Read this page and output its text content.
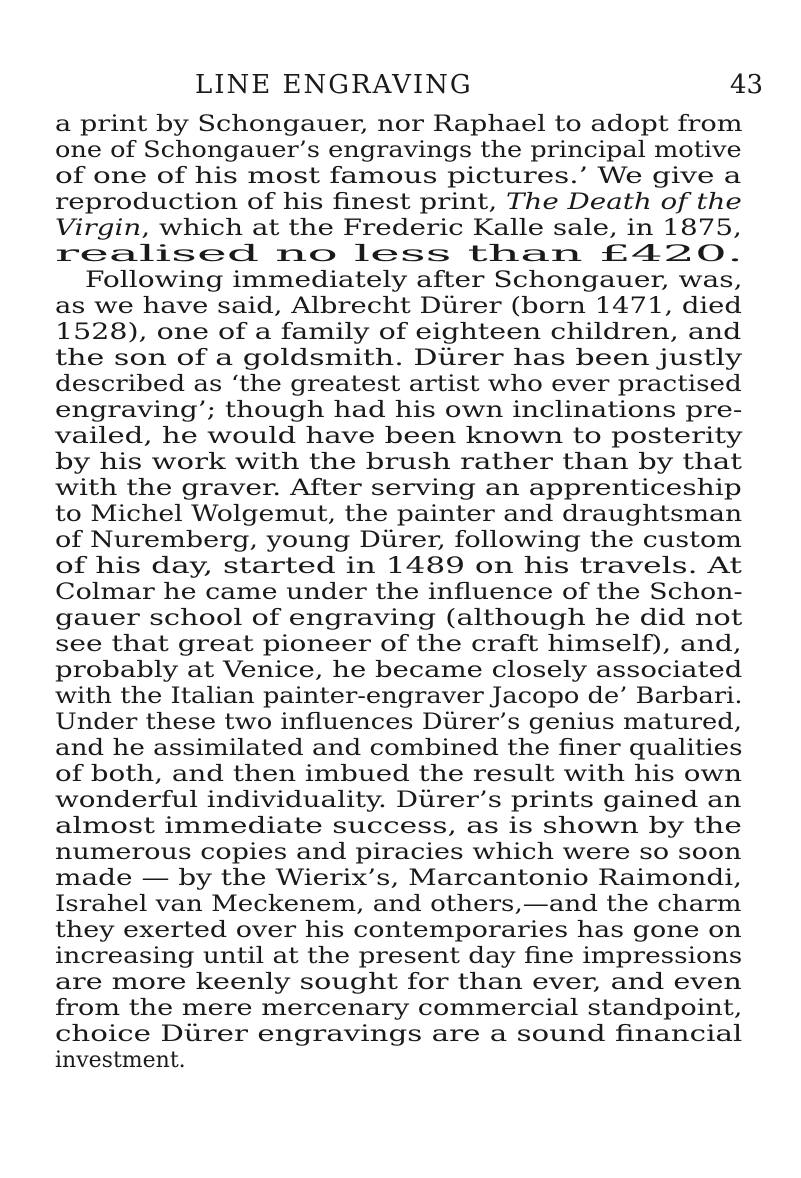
LINE ENGRAVING	43
a print by Schongauer, nor Raphael to adopt from
one of Schongauer’s engravings the principal motive
of one of his most famous pictures.’ We give a
reproduction of his finest print, The Death of the
Virgin, which at the Frederic Kalle sale, in 1875,
realised no less than £420.
Following immediately after Schongauer, was,
as we have said, Albrecht Dürer (born 1471, died
1528), one of a family of eighteen children, and
the son of a goldsmith. Dürer has been justly
described as ‘the greatest artist who ever practised
engraving’; though had his own inclinations pre-
vailed, he would have been known to posterity
by his work with the brush rather than by that
with the graver. After serving an apprenticeship
to Michel Wolgemut, the painter and draughtsman
of Nuremberg, young Dürer, following the custom
of his day, started in 1489 on his travels. At
Colmar he came under the influence of the Schon-
gauer school of engraving (although he did not
see that great pioneer of the craft himself), and,
probably at Venice, he became closely associated
with the Italian painter-engraver Jacopo de’ Barbari.
Under these two influences Dürer’s genius matured,
and he assimilated and combined the finer qualities
of both, and then imbued the result with his own
wonderful individuality. Dürer’s prints gained an
almost immediate success, as is shown by the
numerous copies and piracies which were so soon
made — by the Wierix’s, Marcantonio Raimondi,
Israhel van Meckenem, and others,—and the charm
they exerted over his contemporaries has gone on
increasing until at the present day fine impressions
are more keenly sought for than ever, and even
from the mere mercenary commercial standpoint,
choice Dürer engravings are a sound financial
investment.
